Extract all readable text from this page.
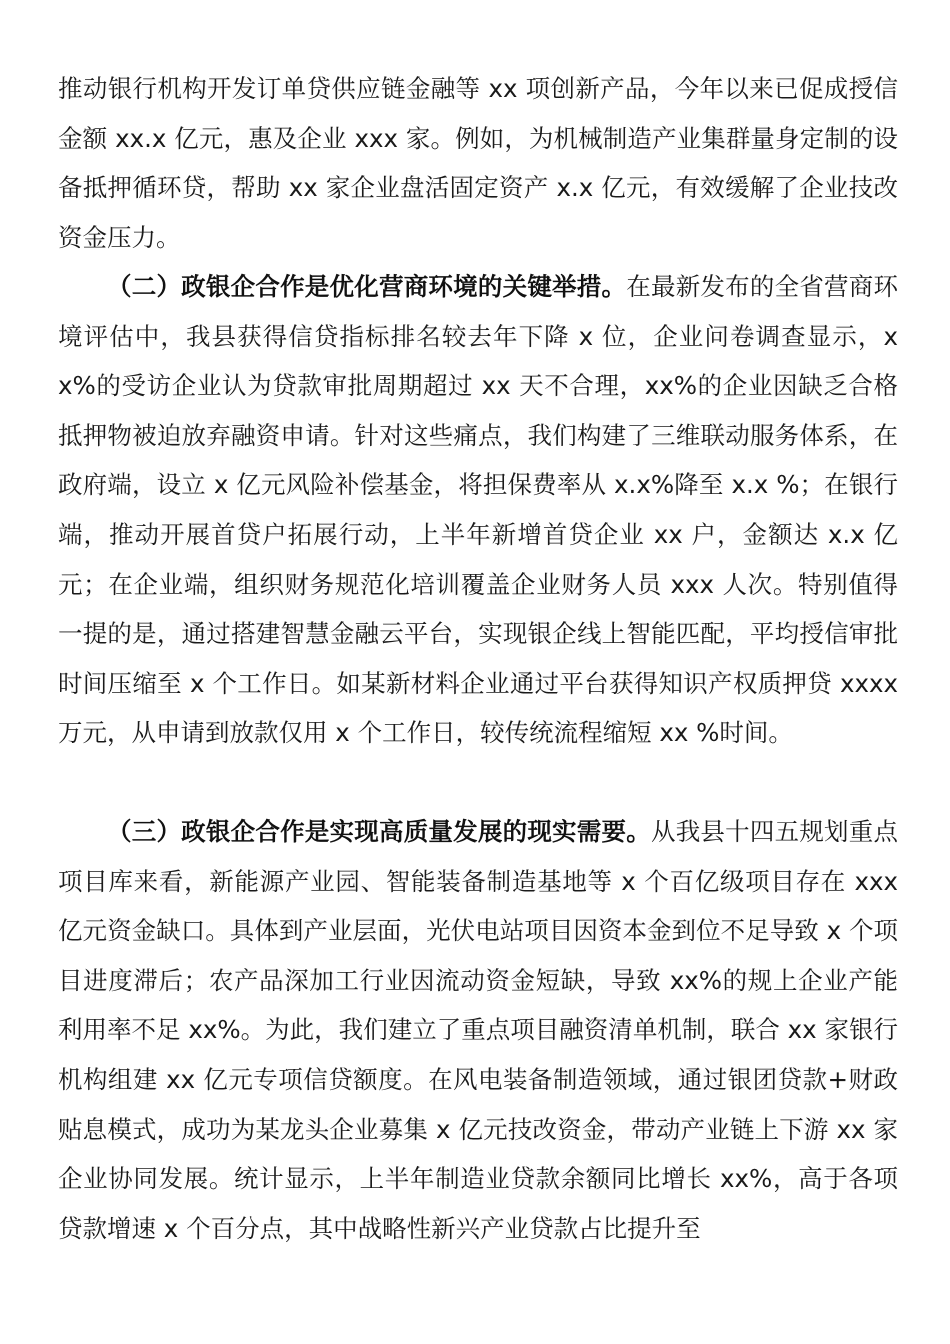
推动银行机构开发订单贷供应链金融等 xx 项创新产品，今年以来已促成授信金额 xx.x 亿元，惠及企业 xxx 家。例如，为机械制造产业集群量身定制的设备抵押循环贷，帮助 xx 家企业盘活固定资产 x.x 亿元，有效缓解了企业技改资金压力。

（二）政银企合作是优化营商环境的关键举措。在最新发布的全省营商环境评估中，我县获得信贷指标排名较去年下降 x 位，企业问卷调查显示，xx%的受访企业认为贷款审批周期超过 xx 天不合理，xx%的企业因缺乏合格抵押物被迫放弃融资申请。针对这些痛点，我们构建了三维联动服务体系，在政府端，设立 x 亿元风险补偿基金，将担保费率从 x.x%降至 x.x %；在银行端，推动开展首贷户拓展行动，上半年新增首贷企业 xx 户，金额达 x.x 亿元；在企业端，组织财务规范化培训覆盖企业财务人员 xxx 人次。特别值得一提的是，通过搭建智慧金融云平台，实现银企线上智能匹配，平均授信审批时间压缩至 x 个工作日。如某新材料企业通过平台获得知识产权质押贷 xxxx 万元，从申请到放款仅用 x 个工作日，较传统流程缩短 xx %时间。

（三）政银企合作是实现高质量发展的现实需要。从我县十四五规划重点项目库来看，新能源产业园、智能装备制造基地等 x 个百亿级项目存在 xxx 亿元资金缺口。具体到产业层面，光伏电站项目因资本金到位不足导致 x 个项目进度滞后；农产品深加工行业因流动资金短缺，导致 xx%的规上企业产能利用率不足 xx%。为此，我们建立了重点项目融资清单机制，联合 xx 家银行机构组建 xx 亿元专项信贷额度。在风电装备制造领域，通过银团贷款+财政贴息模式，成功为某龙头企业募集 x 亿元技改资金，带动产业链上下游 xx 家企业协同发展。统计显示，上半年制造业贷款余额同比增长 xx%，高于各项贷款增速 x 个百分点，其中战略性新兴产业贷款占比提升至
